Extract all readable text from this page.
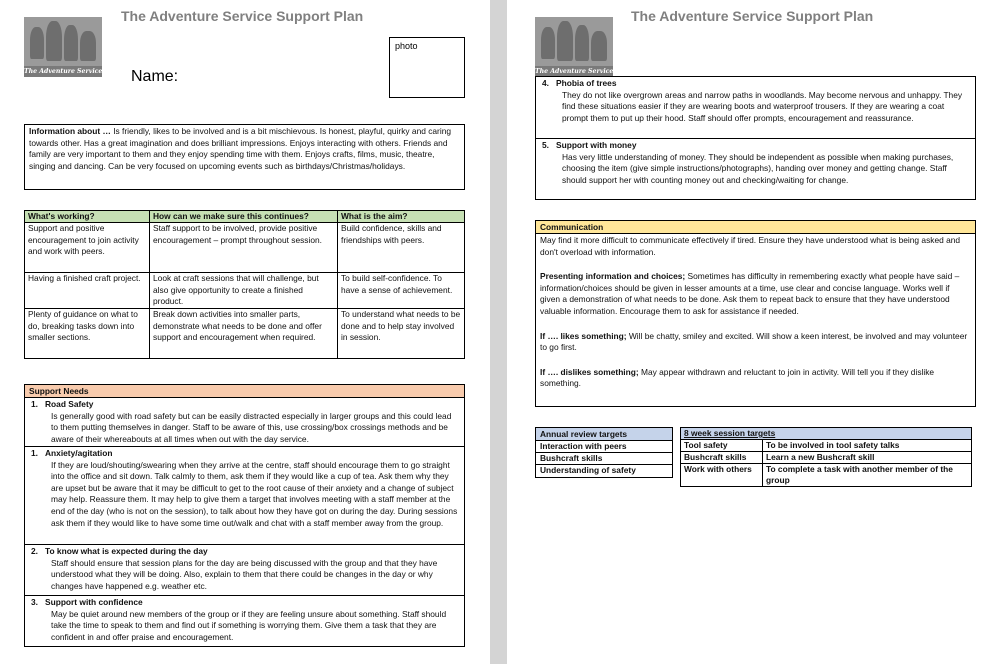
The Adventure Service
The Adventure Service Support Plan
Name:
photo

Information about … Is friendly, likes to be involved and is a bit mischievous. Is honest, playful, quirky and caring towards other. Has a great imagination and does brilliant impressions. Enjoys interacting with others. Friends and family are very important to them and they enjoy spending time with them. Enjoys crafts, films, music, theatre, singing and dancing. Can be very focused on upcoming events such as birthdays/Christmas/holidays.

What's working?	How can we make sure this continues?	What is the aim?
Support and positive encouragement to join activity and work with peers.	Staff support to be involved, provide positive encouragement – prompt throughout session.	Build confidence, skills and friendships with peers.
Having a finished craft project.	Look at craft sessions that will challenge, but also give opportunity to create a finished product.	To build self-confidence. To have a sense of achievement.
Plenty of guidance on what to do, breaking tasks down into smaller sections.	Break down activities into smaller parts, demonstrate what needs to be done and offer support and encouragement when required.	To understand what needs to be done and to help stay involved in session.
Support Needs
1. Road Safety
Is generally good with road safety but can be easily distracted especially in larger groups and this could lead to them putting themselves in danger. Staff to be aware of this, use crossing/box crossings methods and be aware of their whereabouts at all times when out with the day service.
1. Anxiety/agitation
If they are loud/shouting/swearing when they arrive at the centre, staff should encourage them to go straight into the office and sit down. Talk calmly to them, ask them if they would like a cup of tea. Ask them why they are upset but be aware that it may be difficult to get to the root cause of their anxiety and a change of subject may help. Reassure them. It may help to give them a target that involves meeting with a staff member at the end of the day (who is not on the session), to talk about how they have got on during the day. During sessions ask them if they would like to have some time out/walk and chat with a staff member away from the group.
2. To know what is expected during the day
Staff should ensure that session plans for the day are being discussed with the group and that they have understood what they will be doing. Also, explain to them that there could be changes in the day or why changes have happened e.g. weather etc.
3. Support with confidence
May be quiet around new members of the group or if they are feeling unsure about something. Staff should take the time to speak to them and find out if something is worrying them. Give them a task that they are confident in and offer praise and encouragement.
The Adventure Service
The Adventure Service Support Plan
4. Phobia of trees
They do not like overgrown areas and narrow paths in woodlands. May become nervous and unhappy. They find these situations easier if they are wearing boots and waterproof trousers. If they are wearing a coat prompt them to put up their hood. Staff should offer prompts, encouragement and reassurance.
5. Support with money
Has very little understanding of money. They should be independent as possible when making purchases, choosing the item (give simple instructions/photographs), handing over money and getting change. Staff should support her with counting money out and checking/waiting for change.
Communication

May find it more difficult to communicate effectively if tired. Ensure they have understood what is being asked and don't overload with information.

Presenting information and choices; Sometimes has difficulty in remembering exactly what people have said – information/choices should be given in lesser amounts at a time, use clear and concise language. Works well if given a demonstration of what needs to be done. Ask them to repeat back to ensure that they have understood valuable information. Encourage them to ask for assistance if needed.

If …. likes something; Will be chatty, smiley and excited. Will show a keen interest, be involved and may volunteer to go first.

If …. dislikes something; May appear withdrawn and reluctant to join in activity. Will tell you if they dislike something.

Annual review targets
Interaction with peers
Bushcraft skills
Understanding of safety
8 week session targets	
Tool safety	To be involved in tool safety talks
Bushcraft skills	Learn a new Bushcraft skill
Work with others	To complete a task with another member of the group
